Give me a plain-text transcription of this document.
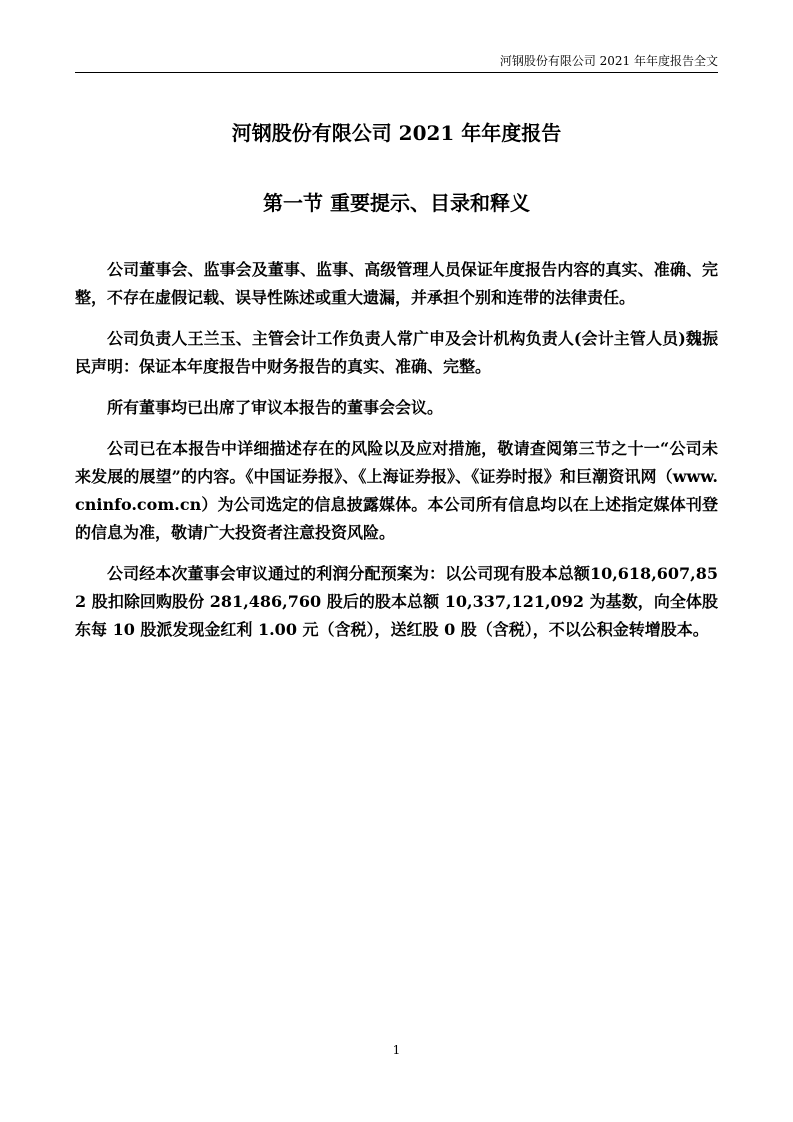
河钢股份有限公司 2021 年年度报告全文
河钢股份有限公司 2021 年年度报告
第一节 重要提示、目录和释义

公司董事会、监事会及董事、监事、高级管理人员保证年度报告内容的真实、准确、完整，不存在虚假记载、误导性陈述或重大遗漏，并承担个别和连带的法律责任。

公司负责人王兰玉、主管会计工作负责人常广申及会计机构负责人(会计主管人员)魏振民声明：保证本年度报告中财务报告的真实、准确、完整。

所有董事均已出席了审议本报告的董事会会议。

公司已在本报告中详细描述存在的风险以及应对措施，敬请查阅第三节之十一“公司未来发展的展望”的内容。《中国证券报》、《上海证券报》、《证券时报》和巨潮资讯网（www.cninfo.com.cn）为公司选定的信息披露媒体。本公司所有信息均以在上述指定媒体刊登的信息为准，敬请广大投资者注意投资风险。

公司经本次董事会审议通过的利润分配预案为：以公司现有股本总额10,618,607,852 股扣除回购股份 281,486,760 股后的股本总额 10,337,121,092 为基数，向全体股东每 10 股派发现金红利 1.00 元（含税），送红股 0 股（含税），不以公积金转增股本。

1
